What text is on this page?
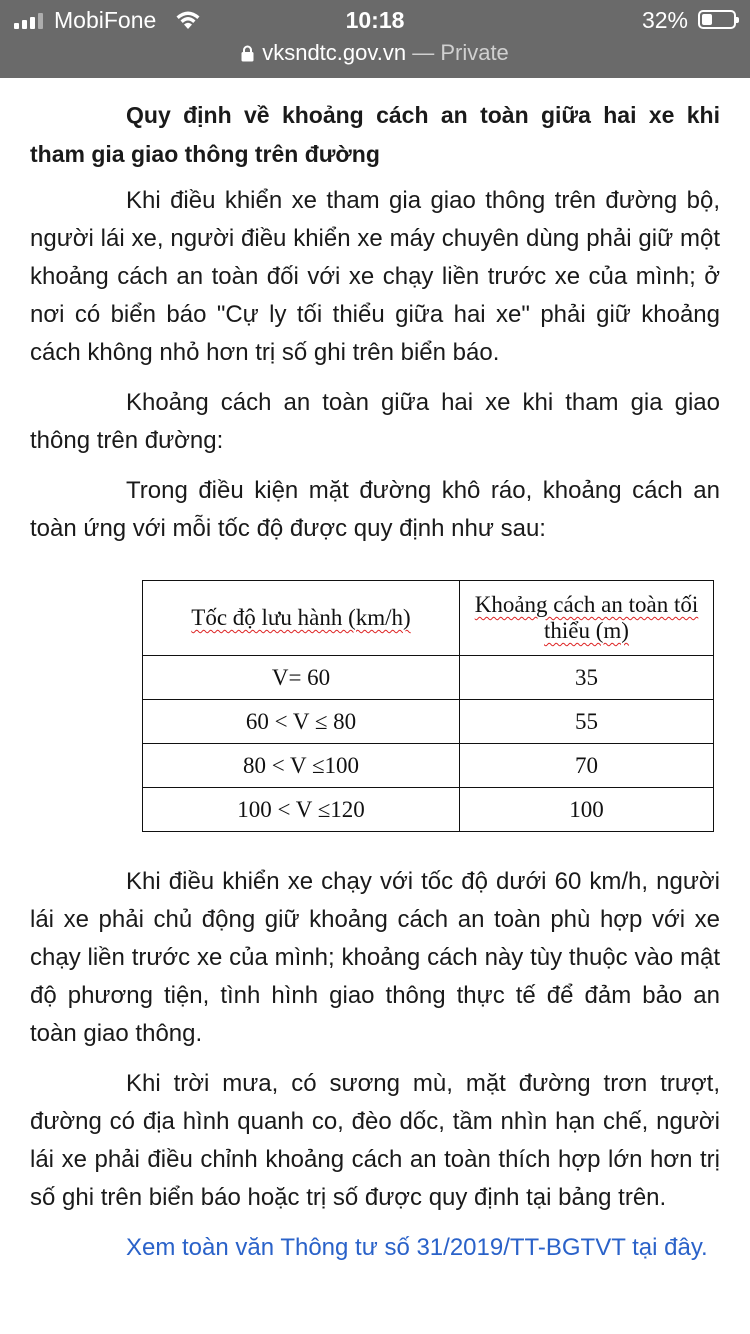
MobiFone	10:18	32%
vksndtc.gov.vn — Private

Quy định về khoảng cách an toàn giữa hai xe khi tham gia giao thông trên đường

Khi điều khiển xe tham gia giao thông trên đường bộ, người lái xe, người điều khiển xe máy chuyên dùng phải giữ một khoảng cách an toàn đối với xe chạy liền trước xe của mình; ở nơi có biển báo "Cự ly tối thiểu giữa hai xe" phải giữ khoảng cách không nhỏ hơn trị số ghi trên biển báo.

Khoảng cách an toàn giữa hai xe khi tham gia giao thông trên đường:

Trong điều kiện mặt đường khô ráo, khoảng cách an toàn ứng với mỗi tốc độ được quy định như sau:

Tốc độ lưu hành (km/h)	Khoảng cách an toàn tối thiểu (m)
V= 60	35
60 < V ≤ 80	55
80 < V ≤100	70
100 < V ≤120	100

Khi điều khiển xe chạy với tốc độ dưới 60 km/h, người lái xe phải chủ động giữ khoảng cách an toàn phù hợp với xe chạy liền trước xe của mình; khoảng cách này tùy thuộc vào mật độ phương tiện, tình hình giao thông thực tế để đảm bảo an toàn giao thông.

Khi trời mưa, có sương mù, mặt đường trơn trượt, đường có địa hình quanh co, đèo dốc, tầm nhìn hạn chế, người lái xe phải điều chỉnh khoảng cách an toàn thích hợp lớn hơn trị số ghi trên biển báo hoặc trị số được quy định tại bảng trên.

Xem toàn văn Thông tư số 31/2019/TT-BGTVT tại đây.
